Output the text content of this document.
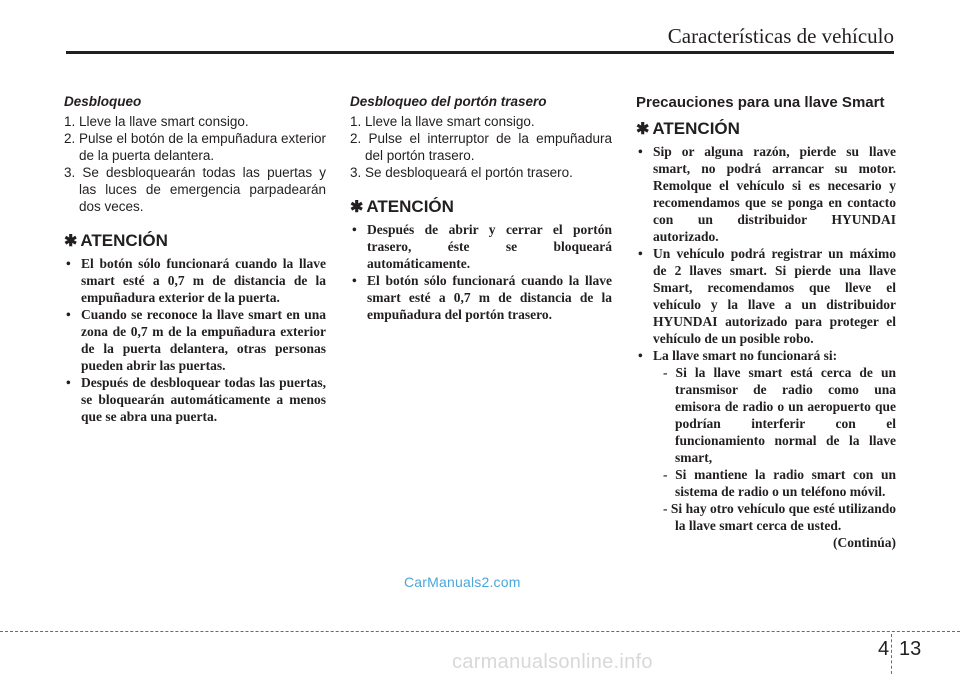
Características de vehículo
Desbloqueo
1. Lleve la llave smart consigo.
2. Pulse el botón de la empuñadura exterior de la puerta delantera.
3. Se desbloquearán todas las puertas y las luces de emergencia parpadearán dos veces.
✱ ATENCIÓN
• El botón sólo funcionará cuando la llave smart esté a 0,7 m de distancia de la empuñadura exterior de la puerta.
• Cuando se reconoce la llave smart en una zona de 0,7 m de la empuñadura exterior de la puerta delantera, otras personas pueden abrir las puertas.
• Después de desbloquear todas las puertas, se bloquearán automáticamente a menos que se abra una puerta.
Desbloqueo del portón trasero
1. Lleve la llave smart consigo.
2. Pulse el interruptor de la empuñadura del portón trasero.
3. Se desbloqueará el portón trasero.
✱ ATENCIÓN
• Después de abrir y cerrar el portón trasero, éste se bloqueará automáticamente.
• El botón sólo funcionará cuando la llave smart esté a 0,7 m de distancia de la empuñadura del portón trasero.
Precauciones para una llave Smart
✱ ATENCIÓN
• Sip or alguna razón, pierde su llave smart, no podrá arrancar su motor. Remolque el vehículo si es necesario y recomendamos que se ponga en contacto con un distribuidor HYUNDAI autorizado.
• Un vehículo podrá registrar un máximo de 2 llaves smart. Si pierde una llave Smart, recomendamos que lleve el vehículo y la llave a un distribuidor HYUNDAI autorizado para proteger el vehículo de un posible robo.
• La llave smart no funcionará si:
- Si la llave smart está cerca de un transmisor de radio como una emisora de radio o un aeropuerto que podrían interferir con el funcionamiento normal de la llave smart,
- Si mantiene la radio smart con un sistema de radio o un teléfono móvil.
- Si hay otro vehículo que esté utilizando la llave smart cerca de usted.
(Continúa)
CarManuals2.com
4 13
carmanualsonline.info
